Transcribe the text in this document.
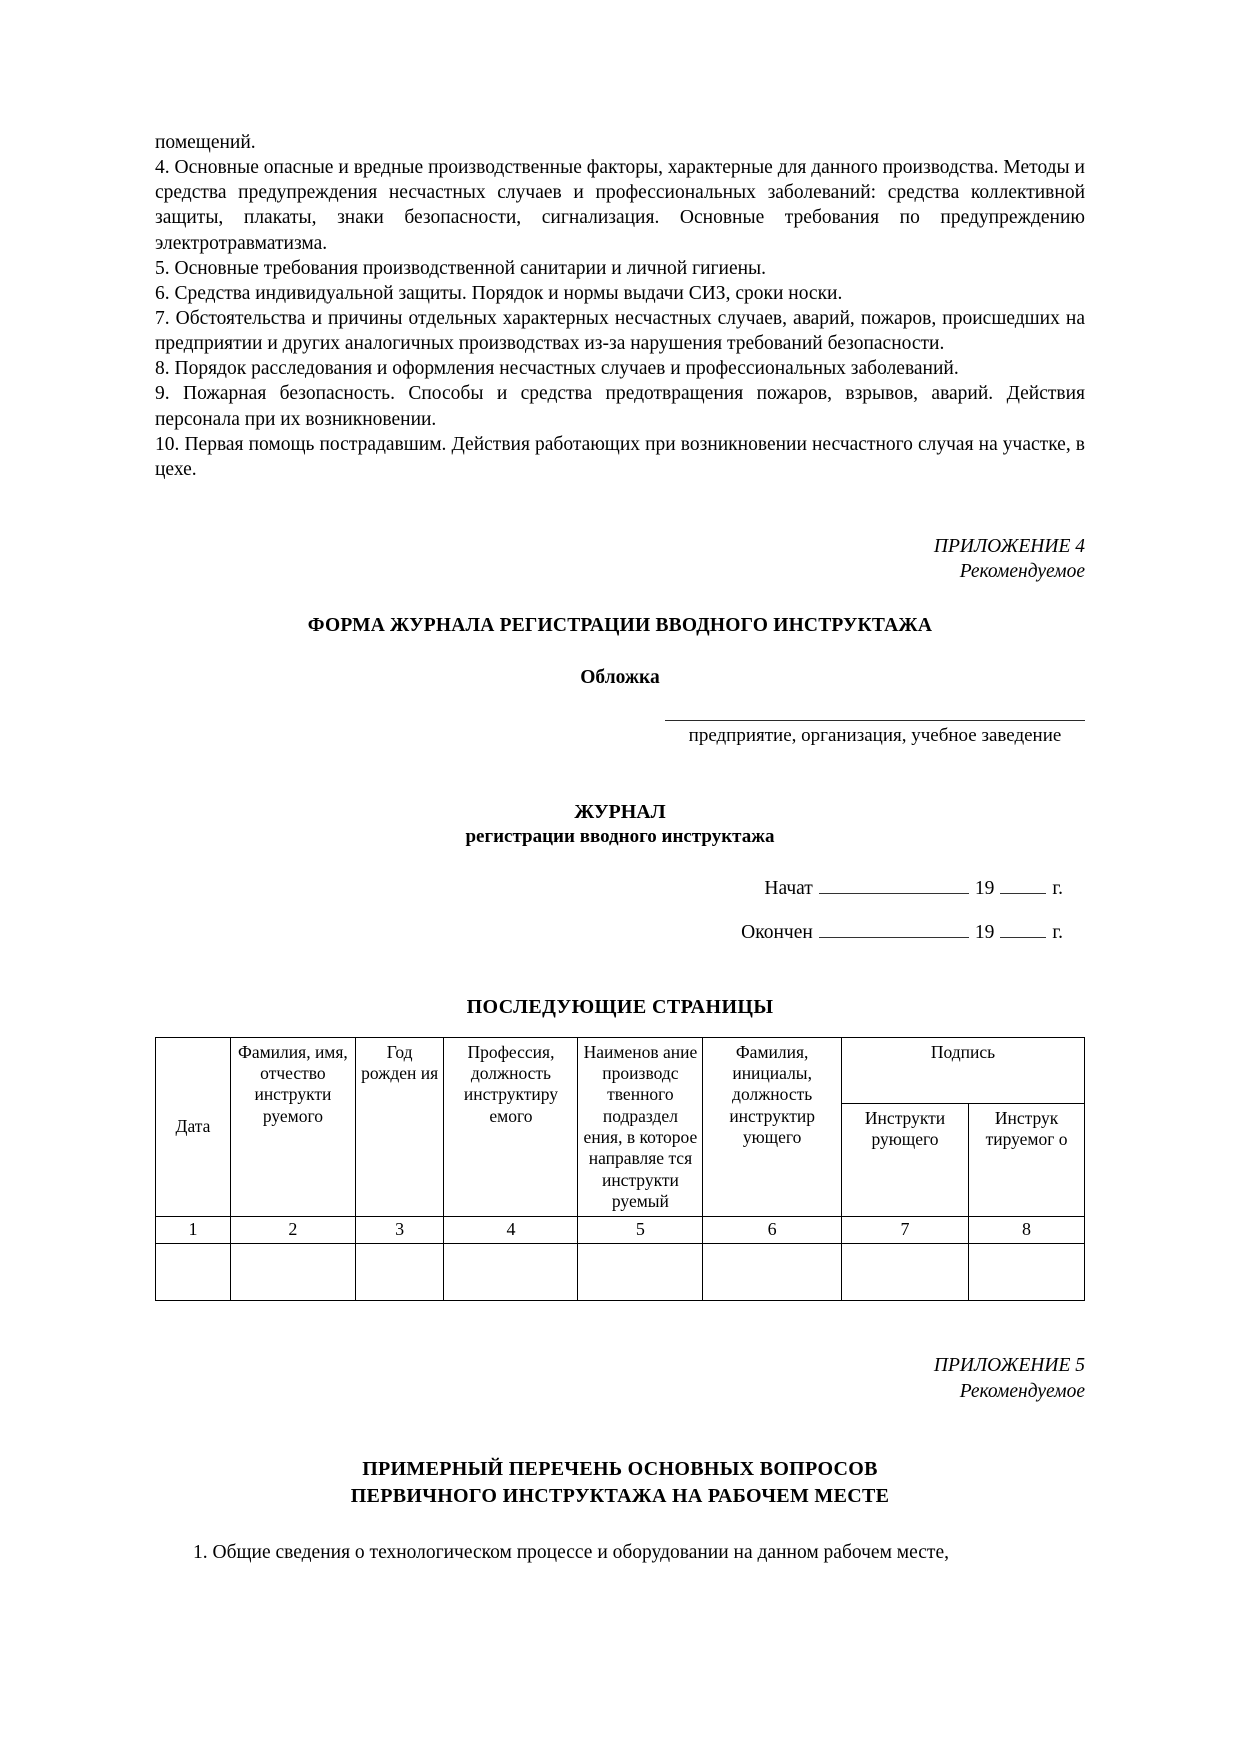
помещений.

4. Основные опасные и вредные производственные факторы, характерные для данного производства. Методы и средства предупреждения несчастных случаев и профессиональных заболеваний: средства коллективной защиты, плакаты, знаки безопасности, сигнализация. Основные требования по предупреждению электротравматизма.

5. Основные требования производственной санитарии и личной гигиены.

6. Средства индивидуальной защиты. Порядок и нормы выдачи СИЗ, сроки носки.

7. Обстоятельства и причины отдельных характерных несчастных случаев, аварий, пожаров, происшедших на предприятии и других аналогичных производствах из-за нарушения требований безопасности.

8. Порядок расследования и оформления несчастных случаев и профессиональных заболеваний.

9. Пожарная безопасность. Способы и средства предотвращения пожаров, взрывов, аварий. Действия персонала при их возникновении.

10. Первая помощь пострадавшим. Действия работающих при возникновении несчастного случая на участке, в цехе.

ПРИЛОЖЕНИЕ 4
Рекомендуемое
ФОРМА ЖУРНАЛА РЕГИСТРАЦИИ ВВОДНОГО ИНСТРУКТАЖА
Обложка
предприятие, организация, учебное заведение
ЖУРНАЛ
регистрации вводного инструктажа
Начат	19	г.
Окончен	19	г.
ПОСЛЕДУЮЩИЕ СТРАНИЦЫ
Дата	Фамилия, имя, отчество инструкти руемого	Год рожден ия	Профессия, должность инструктиру емого	Наименов ание производс твенного подраздел ения, в которое направляе тся инструкти руемый	Фамилия, инициалы, должность инструктир ующего	Подпись	
						Инструкти рующего	Инструк тируемог о
1	2	3	4	5	6	7	8

ПРИЛОЖЕНИЕ 5
Рекомендуемое
ПРИМЕРНЫЙ ПЕРЕЧЕНЬ ОСНОВНЫХ ВОПРОСОВ
ПЕРВИЧНОГО ИНСТРУКТАЖА НА РАБОЧЕМ МЕСТЕ

1. Общие сведения о технологическом процессе и оборудовании на данном рабочем месте,
